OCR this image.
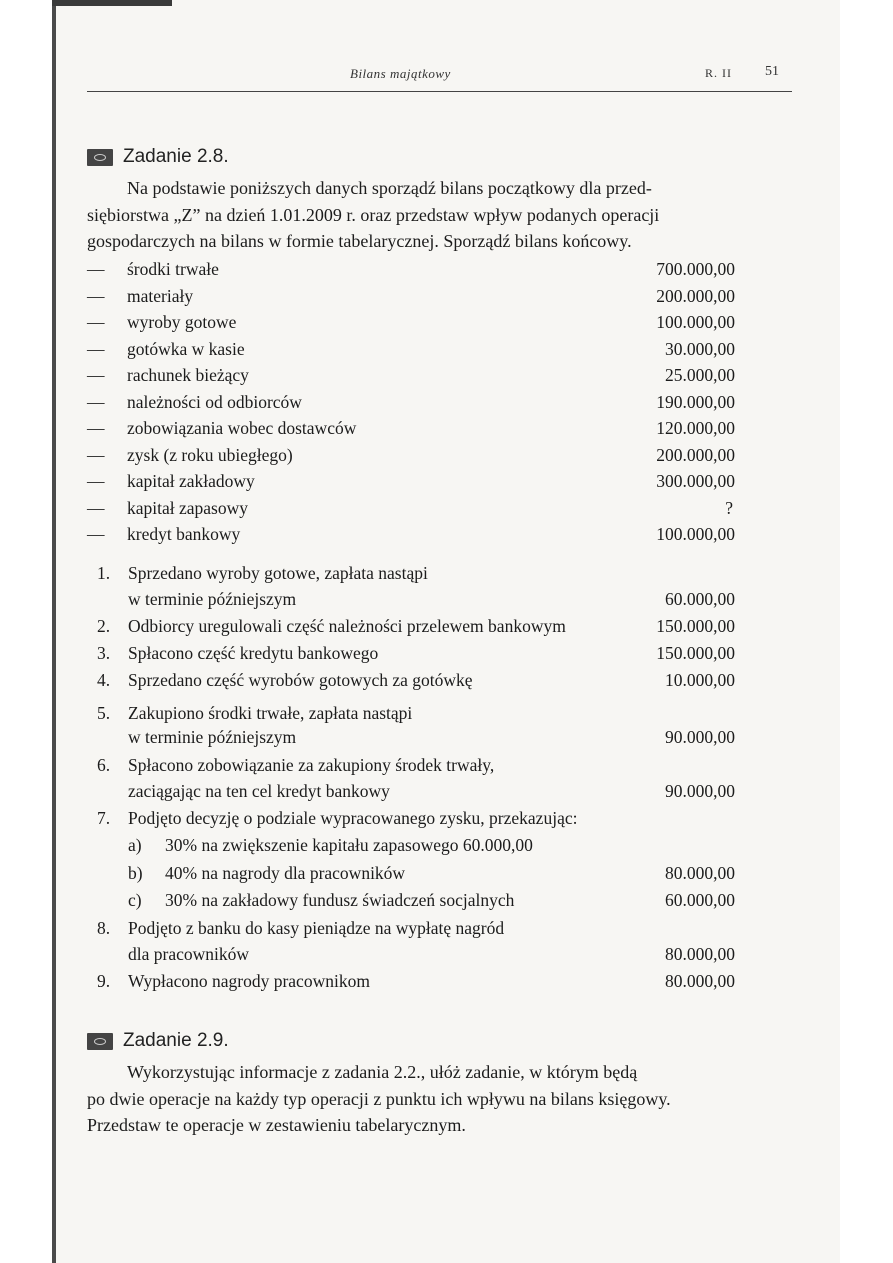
Bilans majątkowy	R. II 51
Zadanie 2.8.
Na podstawie poniższych danych sporządź bilans początkowy dla przed-
siębiorstwa „Z” na dzień 1.01.2009 r. oraz przedstaw wpływ podanych operacji
gospodarczych na bilans w formie tabelarycznej. Sporządź bilans końcowy.
— środki trwałe	700.000,00
— materiały	200.000,00
— wyroby gotowe	100.000,00
— gotówka w kasie	30.000,00
— rachunek bieżący	25.000,00
— należności od odbiorców	190.000,00
— zobowiązania wobec dostawców	120.000,00
— zysk (z roku ubiegłego)	200.000,00
— kapitał zakładowy	300.000,00
— kapitał zapasowy	?
— kredyt bankowy	100.000,00
1. Sprzedano wyroby gotowe, zapłata nastąpi
w terminie późniejszym	60.000,00
2. Odbiorcy uregulowali część należności przelewem bankowym	150.000,00
3. Spłacono część kredytu bankowego	150.000,00
4. Sprzedano część wyrobów gotowych za gotówkę	10.000,00
5. Zakupiono środki trwałe, zapłata nastąpi
w terminie późniejszym	90.000,00
6. Spłacono zobowiązanie za zakupiony środek trwały,
zaciągając na ten cel kredyt bankowy	90.000,00
7. Podjęto decyzję o podziale wypracowanego zysku, przekazując:
a) 30% na zwiększenie kapitału zapasowego 60.000,00
b) 40% na nagrody dla pracowników	80.000,00
c) 30% na zakładowy fundusz świadczeń socjalnych	60.000,00
8. Podjęto z banku do kasy pieniądze na wypłatę nagród
dla pracowników	80.000,00
9. Wypłacono nagrody pracownikom	80.000,00
Zadanie 2.9.
Wykorzystując informacje z zadania 2.2., ułóż zadanie, w którym będą
po dwie operacje na każdy typ operacji z punktu ich wpływu na bilans księgowy.
Przedstaw te operacje w zestawieniu tabelarycznym.
